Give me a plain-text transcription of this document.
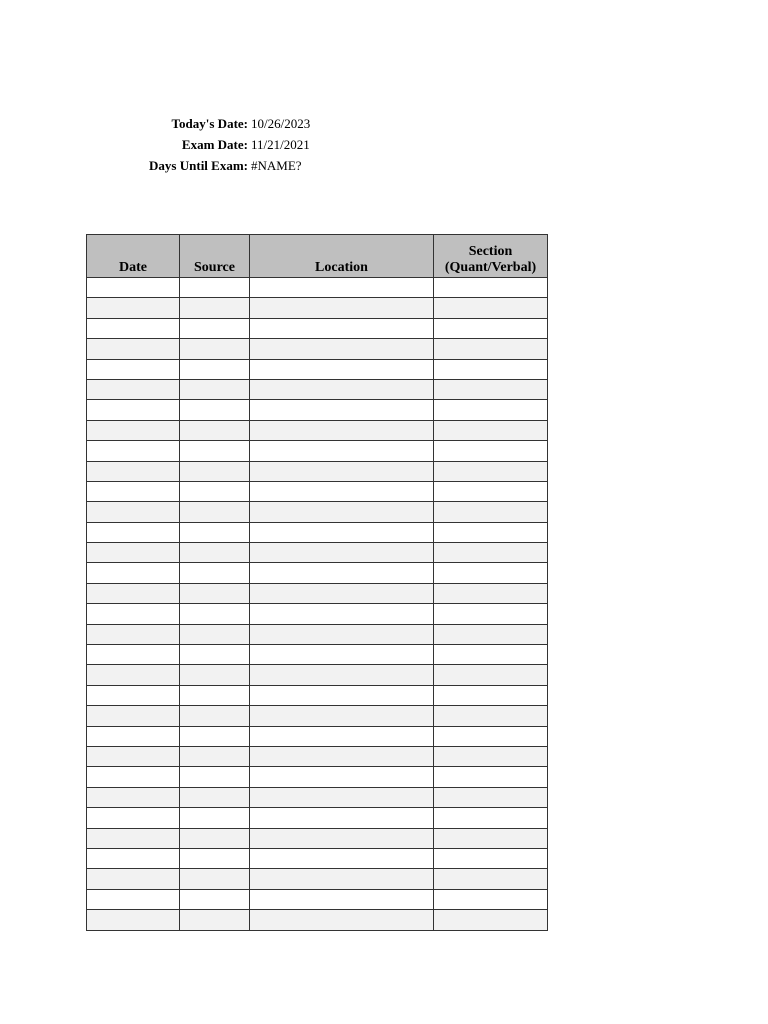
Today's Date: 10/26/2023
Exam Date: 11/21/2021
Days Until Exam: #NAME?
Date	Source	Location	Section
(Quant/Verbal)
